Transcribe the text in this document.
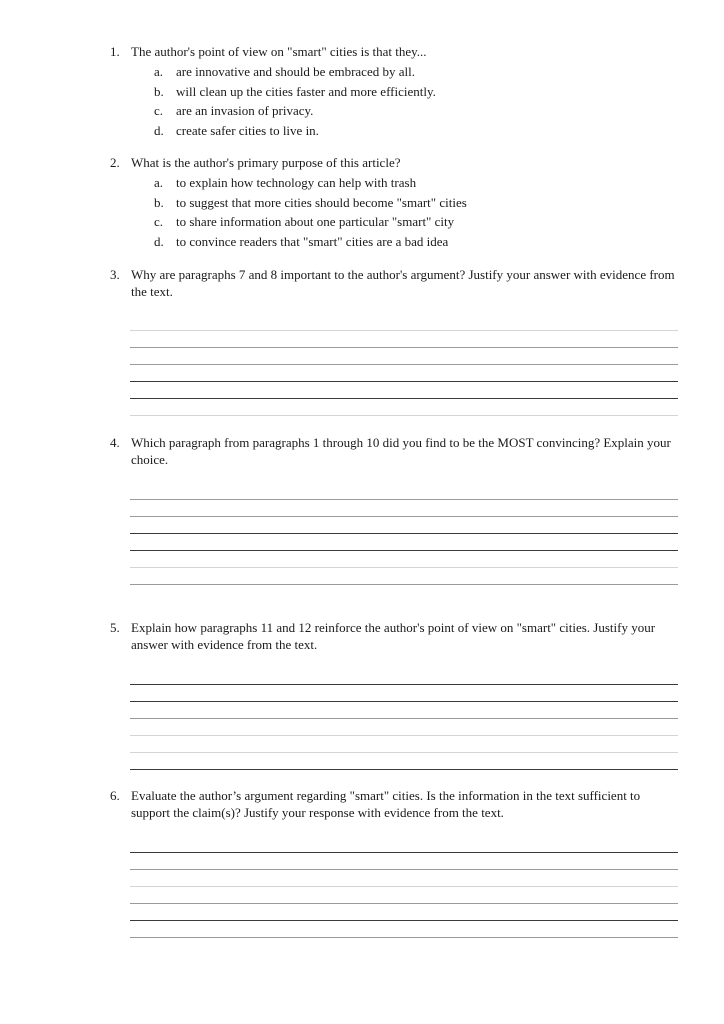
1. The author's point of view on "smart" cities is that they...
a. are innovative and should be embraced by all.
b. will clean up the cities faster and more efficiently.
c. are an invasion of privacy.
d. create safer cities to live in.
2. What is the author's primary purpose of this article?
a. to explain how technology can help with trash
b. to suggest that more cities should become "smart" cities
c. to share information about one particular "smart" city
d. to convince readers that "smart" cities are a bad idea
3. Why are paragraphs 7 and 8 important to the author's argument? Justify your answer with evidence from the text.
4. Which paragraph from paragraphs 1 through 10 did you find to be the MOST convincing? Explain your choice.
5. Explain how paragraphs 11 and 12 reinforce the author's point of view on "smart" cities. Justify your answer with evidence from the text.
6. Evaluate the author’s argument regarding "smart" cities. Is the information in the text sufficient to support the claim(s)? Justify your response with evidence from the text.
